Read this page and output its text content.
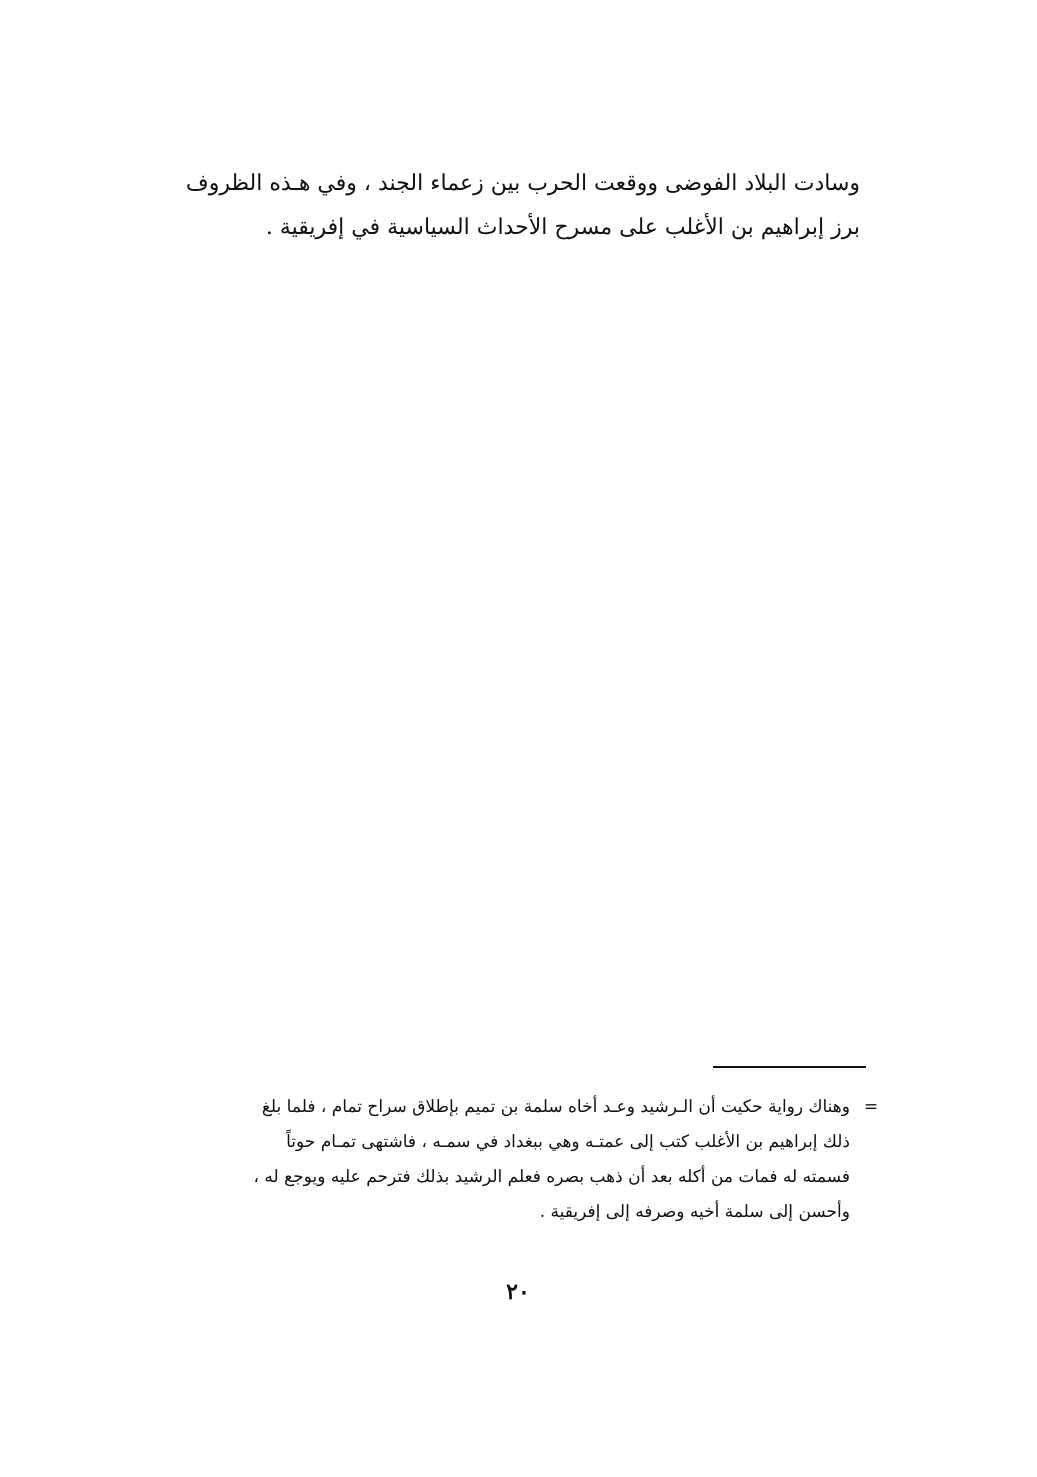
وسادت البلاد الفوضى ووقعت الحرب بين زعماء الجند ، وفي هـذه الظروف
برز إبراهيم بن الأغلب على مسرح الأحداث السياسية في إفريقية .
=
وهناك رواية حكيت أن الـرشيد وعـد أخاه سلمة بن تميم بإطلاق سراح تمام ، فلما بلغ
ذلك إبراهيم بن الأغلب كتب إلى عمتـه وهي ببغداد في سمـه ، فاشتهى تمـام حوتاً
فسمته له فمات من أكله بعد أن ذهب بصره فعلم الرشيد بذلك فترحم عليه ويوجع له ،
وأحسن إلى سلمة أخيه وصرفه إلى إفريقية .
٢٠
